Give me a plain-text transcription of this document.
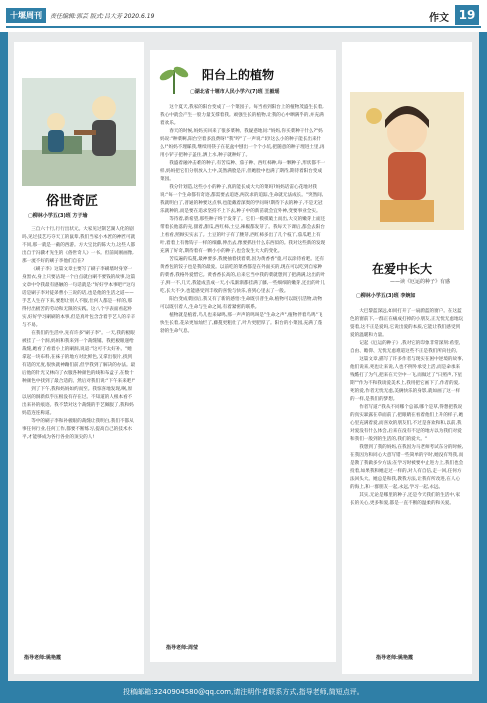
十堰周刊	责任编辑:郭芸 版式:吕大芳 2020.6.19	作文 19
俗世奇匠
▢柳林小学五(3)班 方子瑜

三自六十行,行行出状元。大家见过制艺湖人化的剧吗,见过技艺巧夺天工的鼠辈,我们当家小木匠的神匠可就不同,那一就是一截的西游。方大宝比的陈大力,这些人都出自于冯骥才先生的《俗世奇人》一书。但前间刚画像,那一流不好的刷子李他们自在?

《刷子李》这篇文章主要写了刷子李刷墙时身穿一身黑衣,身上只要沾现一个白点就白刷不要钱的故事,这篇文章中令我最有感触的一句话就是:"好好学本事吧!"这句话是刷子李对徒弟曹小三说的话,也是他的生活之道——手艺人生存下来,要想让别人不服,仕何人都是一样的,那得付出极苦的劳动和无限的实践。这八个字表面看起朴实,好好学习刷刷的本事,但是真叶包含含着手艺人的辛辛与不易。

在我们的生活中,先有许多"刷子李"。一天,我的板眼被挂了一个洞,妈妈和我来到一个裁缝铺。我把板眼递给裁缝,她看了看着小上的刷洞,说道:"这可不太好补。"她拿起一块布料,在袜子的地方对比鲜色,又拿出很片,找到有适的光度,很快就神蹦们前,但学我到了解决的办法。最后他的针光又林向了衣服各种颜色的线和布盒子,在数十种颜色中找到了最合适的。然后对我们说:"下午来来吧!"

到了下午,我和妈妈如约而至。我惊喜地发现,啊,原以居的洞新似乎压根没有存在过。不知道的人根本看不出来补的痕迹。我不禁对这个裁缝的手艺佩服了,我和妈妈造连连称道。

等中的刷子李和补板眼的裁缝让我明白,我们不都从事任何行业,任何工作,都要不断练习,提高自己的技术水平,才能够成为各行各业的顶尖的人!

指导老师:姚艳霞
阳台上的植物
▢湖北省十堰市人民小学六(7)班 王毅瑶

这个夏天,我家的阳台变成了一个菜园子。每当看到阳台上的植物茂盛生长着,我心中就会产生一股力量支撑着我。顽强生长的植物,让我的心中晒满乎的,并充满着欢乐。

春天的时候,妈妈买回来了很多菜种。我疑惑地问:"妈妈,你买菜种干什么?"妈妈说:"种菜啊,阳台空着多浪费呀!"我"哼"了一声说:"切!这么小的种子能长出来什么!"妈妈不理睬我,继续用筷子在花盆中刨出一个个小坑,把随意的种子埋进土里,再用小铲子把种子盖住,洒上水,种子就种好了。

我盛着融冲击难的种子,有苦瓜种、茄子种、西红柿种,每一颗种子,形状都不一样,妈妈把它们分别放入土中,美然满脸是汗,但她脸中也满了期待,期待着阳台变成菜园。

我分针划造,这些小小的种子,真的能长成大大的菜吗?妈妈话雷心花地对我说:"每一个生命都有奇迹,都需要去追逐,两次求的追踪,生命就无法成长。"突然间,我就明白了,普通的种要这点事,也能戴着深奥的学问呀!期待下去的种子,不是无冠乐就种的,而是要在追求坚持不上下去,种子中的新苗就会宜外神,变要事业全实。

等待着,新希望,那些种子终于发芽了。它们一模模破土而出,大交的嫩芽上面还带着长他落的壳,甜着,甜瓜,西红柿,土豆,辣椒都发芽了。我每天下课后,都会去阳台上看看,照顾实实去了。土豆的叶子有了腰芽,西红柿多出了几个枝丫,茄瓜吧上有叶,着着上有像钩子一样的细藤,伸出去,像要抓住什么东西似的。我对这些新的发现充满了好奇,期待着有一颗小小的种子,也会发生大大的变化。

苦瓜遍的瓜蔓,最神要多,我便抽着找着菜,因为黄香香"童,可以涂待看吧。还有黄香包的饺子也是我的最爱。以前吃的菜香都是在外面买的,现在可以吃到自家种的菜香,我格外爱惜它。黄香香长高的,后来它当中我的菜就想到了把满满,这出的叶子,鲜一不,几天,我能成丢成一天,小瓜渐渐都挂满了藤,一些细细的嫩芽,还出的叶儿吃,长大不少,也能感受到丰收的喜悦与快乐,喜到心里去了一般。

阳台变成菜园后,我又有了新的感悟:生命既引普生命,植物可以既引活物,动物可以既引着人,生命与生命之间,有着紧密的联系。

植物就是植着,鸟儿也来碌鸣,那一声声的鸣叫是"生命之声",植物伴着鸟鸣"飞快生长着,花朵更加灿烂了,藤蔓更粗壮了,叶片更肥厚了。阳台的小菜园,充满了蓬勃的生命气息。

指导老师:周莹
在爱中长大
——读《厄运的种子》有感
▢柳林小学五(3)班 李婉如

大巴黎蓝深远,如同打开了一扇蔚蓝的窗户。在这蓝色的窗前下,一群正在痛成打掉的小朋友,正无忧无虑地玩耍着,这不正是爱吗,它说出爱的本质,它能让我们感受到爱的温暖和力量。

记起《厄运的种子》,我对它的印象非常深刻:希望、自由、瞻仰、无忧无虑难道这些不正是我们所向往的。

这篇文章,描写了许多作者与现实在困中逆境的故事,他们说来,死也让来说,人也不例外承受上活,而是命承来残酷打了为气,把来在天空中一飞,而做过了"日照声,下星期""作为不和我谈爱美术上,我用把它画下了,作者的爱,死的爱,作者无忧无虑,美俩快乐的身影,就如画了这一样的一样,是我们的梦想。

作者写道:"我从不同哪个总部,哪个是草,得想把我说的真实暴露在草面前了,把眼睛在看着他们上升的样子,她心里充满着爱,而喜欢的朋友们,不过是喜欢和和,以前,我对爱没有什么体会,后来在没有不足的地方以为我们对爱和我们一般到的生活的,我们的爱大。"

我想到了我的妈妈,在我因为马老师考试东分的时候,在我因为和同心大意写错一些简单的字时,她没有骂我,而是教了我做多少方法;在学习时被要中止进力上,我们也会投着,如果我和她走过一样的,对人有自信,走一回,任何方法回头大。她总是和我,教我方法,让我有所改进,在人心的海上,和一群朋友一起,永远,学习一起,永远。

其实,无论是哪里的种子,还是今天我们的生活中,家长的关心,更多和爱,都是一直不断的温柔的和关爱。

指导老师:姚艳霞
投稿邮箱:3240904580@qq.com,请注明作者联系方式,指导老师,简短点评。
